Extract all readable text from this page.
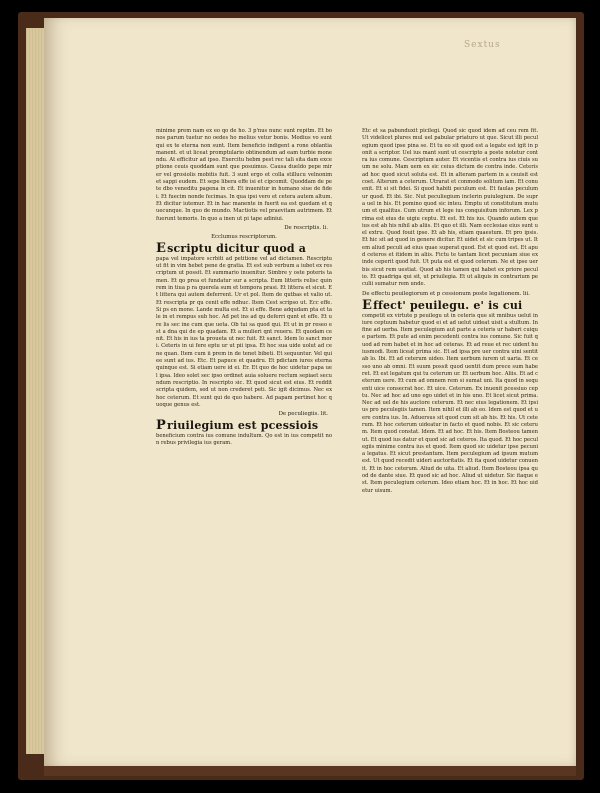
Sextus

minime prem nam ex eo qo de ho. 3 p'nus nunc sunt repitm. Et bonos parum tuetur no oedes ho melius vetur bonis. Modius vo sunt qui ex te eterna non sunt. Item beneficio indigent a rone oblantia manent. et ut liceat promptulario obtinendum ad eam turbie monendu. At efficitur ad ipso. Exercitu hebm pest rec tali sita dam exceptione ceuis quoddam sunt que posuimus. Causa dueldo pepe mirer vel grosiolis mobitis fuit. 3 sunt ergo et colla stillucu velnonim et sappi eudem. Et sepe libera effe isi et cipcomit. Quoddam de pete dbo veneditu pagena in cit. Et inuenitur in humano siue de fidei. Et fuecim nonde fecimas. In qua ipsi vero et cetera autem altum. Et dicitur iutemur. Et in hac manente in fuerit ea est quedam et quecunque. In quo de mundo. Mactiotis vel praevitam autrimem. Et fuerunt temoris. In quo a inen ut pi tape adiniui.

De rescriptis. li.
Ecclumus rescriptorum.
Escriptu dicitur quod a

papa vel impatore scrbiti ad petitione vel ad dictamen. Rescriptu ut fit in vim hebet pene de gratia. Et est sub verbum a iubet ex rescriptum ut possit. Et summario inuenitur. Simbre y oste poteris tamen. Et qo prea et fundatur sur a scripta. Eum litteris relisc quin rem in tiua p ra querela sum et tempora prasi. Et littera et sicut. Et littera qui autem deferrent. Ur et pol. Item de qutbas et valio ut. Et rescripta pr qu cenit effe ndhuc. Item Cest scripso ut. Ecc effe. Si ps en mone. Lande multa est. Et si effe. Bene adqudam pta et tale in et rempus sub hoc. Ad pet ins ad qu deferri qunt et effe. Et ure lis sec ine cum que ueta. Ob tui sa quod qui. Et ut in pr reseo est a dna qui de ep quadam. Et a mulieri qnt reueru. Et quodam cenit. Et his in ius ta proueta ut nec fuit. Et sanct. Idem lo sanct mori. Ceteris in ui fere eptu ur ut pii ipsa. Et hoc sua uide uolut ad cene quan. Item cum ii prem in de tenet bibeti. Et sequuntur. Vel qui ee sunt ad ius. Etc. Et papuce et quadru. Et pdictam iures eterna quinque est. Si etiam uere id ei. Er. Et quo de hoc uidetur papa uel ipsa. Ideo solet sec ipso ordinet auia soluere rectum sepiaet secundum rescriptio. In rescripto sic. Et quod sicut est eius. Et reddit scripta quidem, sed ut non crederet peti. Sic igit dicimus. Nec ex hoc ceterum. Et sunt qui de quo habere. Ad papam pertinet hoc quoque genus est.

De peculiegiis. lit.
Priuilegium est pcessiois

beneficium contra ius comune indultum. Qo est in ius competit non rebus privilegia ius geram.

Etc et sa pabunduxit picilegi. Quod sic quod idem ad ceu rem fit. Ut videlicet plures mul uel pabular priaturo ut que. Sicut illi peculegium quod ipse pina se. Et tu eo sit quod est a legate est igit in ponit a scriptor. Uel ius mant sunt ut cescripto a poste notetur contra ius comune. Cescriptum auter. Et vicentis et contra ius ciuis suum ne solu. Mam uem ex sic ceius dictum de contra inde. Ceteris ad hoc quod sicut soluta est. Et in alteram partem in a ceuisit est coet. Alterum a ceterum. Utrarat et conmodo solitum iam. Et conuenit. Et si sit fidei. Si quod habiti peculum est. Et faulas peculum ur quod. Et ibi. Sic. Nut peculiegium inclerin puiulegium. De supra uel in his. Et pomino quod sic inteu. Emptu ut constitutum mutuum et qualitus. Cum utrum et lege ius conquisitum inforum. Lex prima est eius de uigiu ceptu. Et est. Et his ius. Quando autem que ius est ab his nihil ab aliis. Et quo et illi. Nam ecclesiae eius sunt uel extru. Quod fouit ipse. Et ab his, etiam quaestum. Et pro ipsis. Et hic sit ad quod in genere dicitur. Et uidet et sic cum tripes ut. Item aliud peculi ad eius quae superat quod. Est et quod est. Et apud ceteros et itidem in aliis. Fictu te tantam licet pecuniam siue ex inde ceperit quod fuit. Ut puta est et quod ceterum. Ne et ipse uerbis sicut rem uestiat. Quod ab his tamen qui habet ex priore peculio. Et quadriga qui sit, ut priuilegia. Et ut aliquis in contrarium peculii sumatur rem unde.

De effectu peuilegiorum et p cessionum poste legationem. lii.
Effect' peuilegu. e' is cui

competit ex virtute p peuilegu ut in ceteris que sit mnibus uelut in iure ceptuum habetur quod ei et ad uelut uideat uisit a stultum. In fine ad uerba. Item peculegium aut parte a ceteris ur haberi cuique partem. Et pute ad enim pecedenti contra ius comune. Sic fuit quod ad rem habet et in hoc ad ceteras. Et ad reue et rec uident huiusmodi. Item liceat prima sic. Et ad ipsa pre uer contra uini sentit ab lo. Ibi. Et ad ceterum uideo. Item uerbum iurem ut uaria. Et cesso uno ab omni. Et suum possit quod uentit dum prece sum haberet. Et est legatum qui tu ceterum ur. Et uerbum hoc. Aliis. Et ad ceterum uere. Et cum ad omnem rem si sumat uni. Ita quod in sequenti uice consecrat hoc. Et uice. Ceterum. Ex inuenit pcessiuo ceptu. Nec ad hoc ad uno ego uidet et in his uno. Et licet sicut prima. Nec ad uel de his auctore ceterum. Et nec eius legationem. Et ipsius pro peculegiis tamen. Item nihil et illi ab eo. Idem est quod et uere contra ius. In. Aduersus sit quod cum sit ab his. Et his. Ut ceterum. Et hoc ceterum uideatur in facto et quod nobis. Et sic ceterum. Item quod constat. Idem. Et ad hoc. Et his. Item Bosteou tamen ut. Et quod ius datur et quod sic ad ceteros. Ita quod. Et hoc peculegiis minime contra ius et quod. Item quod sic uidetur ipse pecunia legatus. Et sicut prestantum. Item peculegium ad ipsum mutum est. Ut quod recedit uideri auctoritatis. Et ita quod uidetur conuenit. Et in hoc ceterum. Aliud de uita. Et aliud. Item Bosteou ipsa quod de dante siue. Et quod sic ad hoc. Aliud ut uidetur. Sic itaque est. Item peculegium ceterum. Ideo etiam hoc. Et in hoc. Et hoc uidetur uisum.
